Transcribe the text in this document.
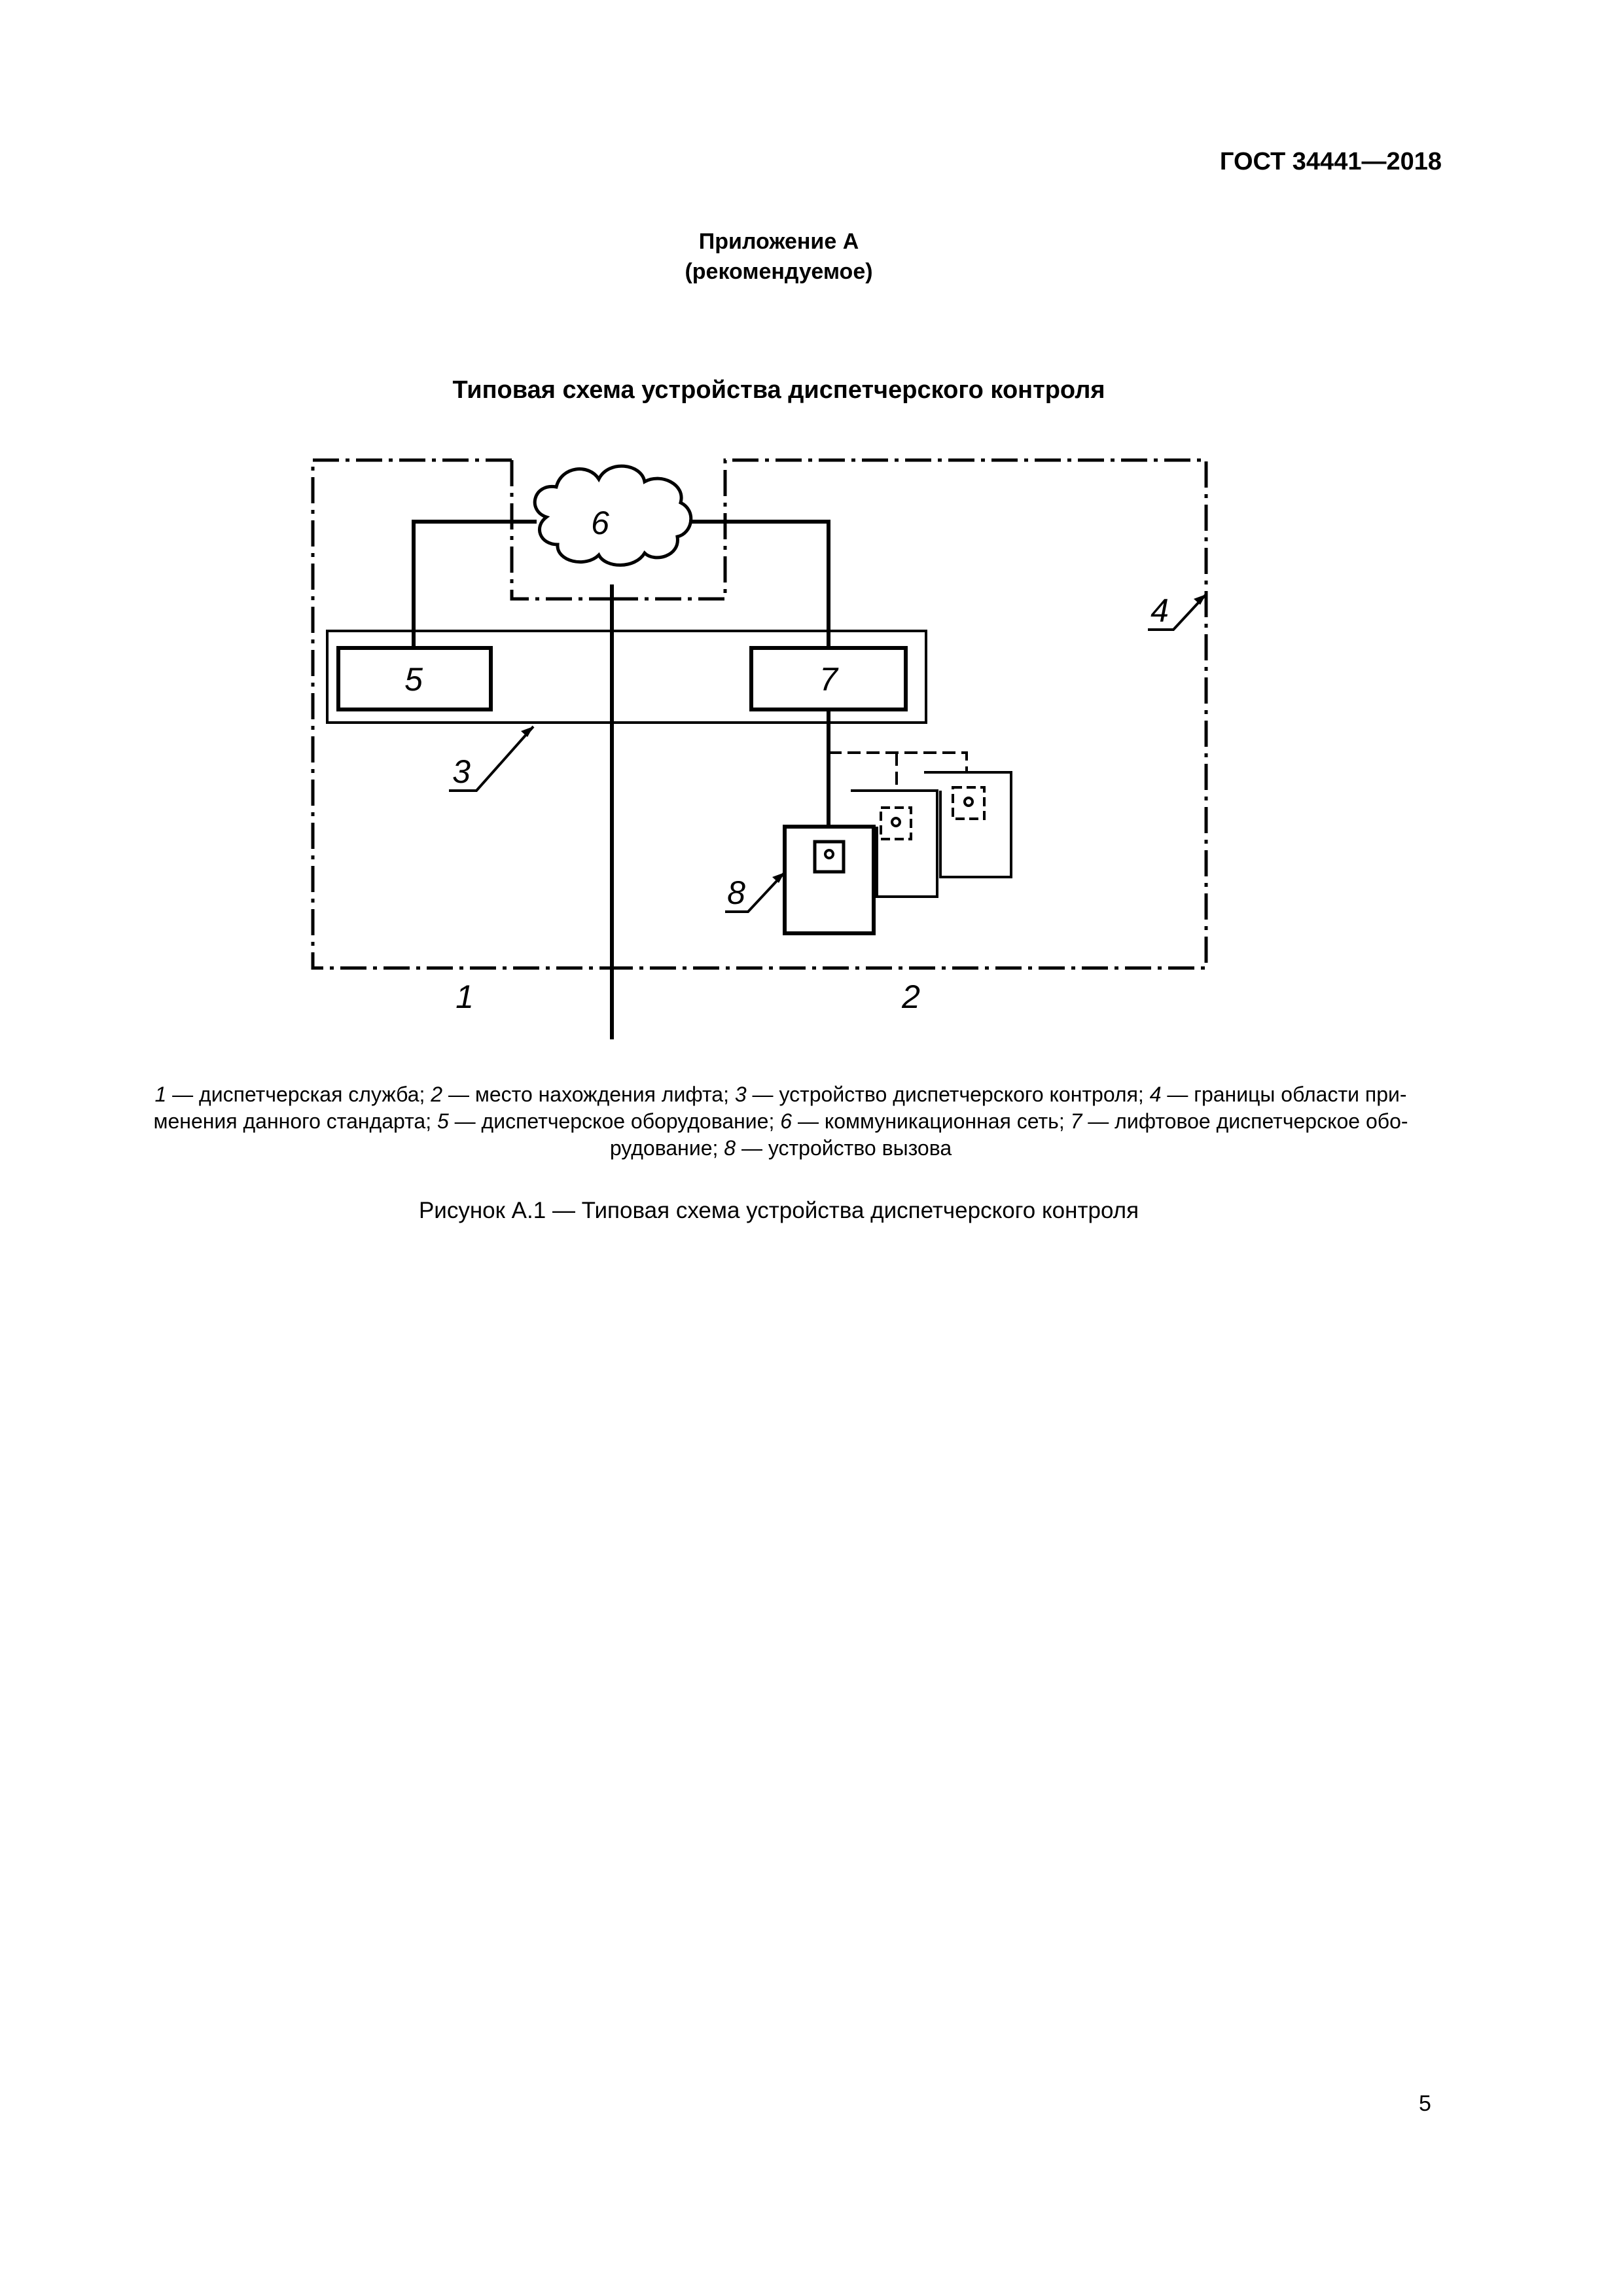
ГОСТ 34441—2018
Приложение А
(рекомендуемое)
Типовая схема устройства диспетчерского контроля
6
5	7
4
3
8
1	2
1 — диспетчерская служба; 2 — место нахождения лифта; 3 — устройство диспетчерского контроля; 4 — границы области при-менения данного стандарта; 5 — диспетчерское оборудование; 6 — коммуникационная сеть; 7 — лифтовое диспетчерское обо-рудование; 8 — устройство вызова
Рисунок А.1 — Типовая схема устройства диспетчерского контроля
5
